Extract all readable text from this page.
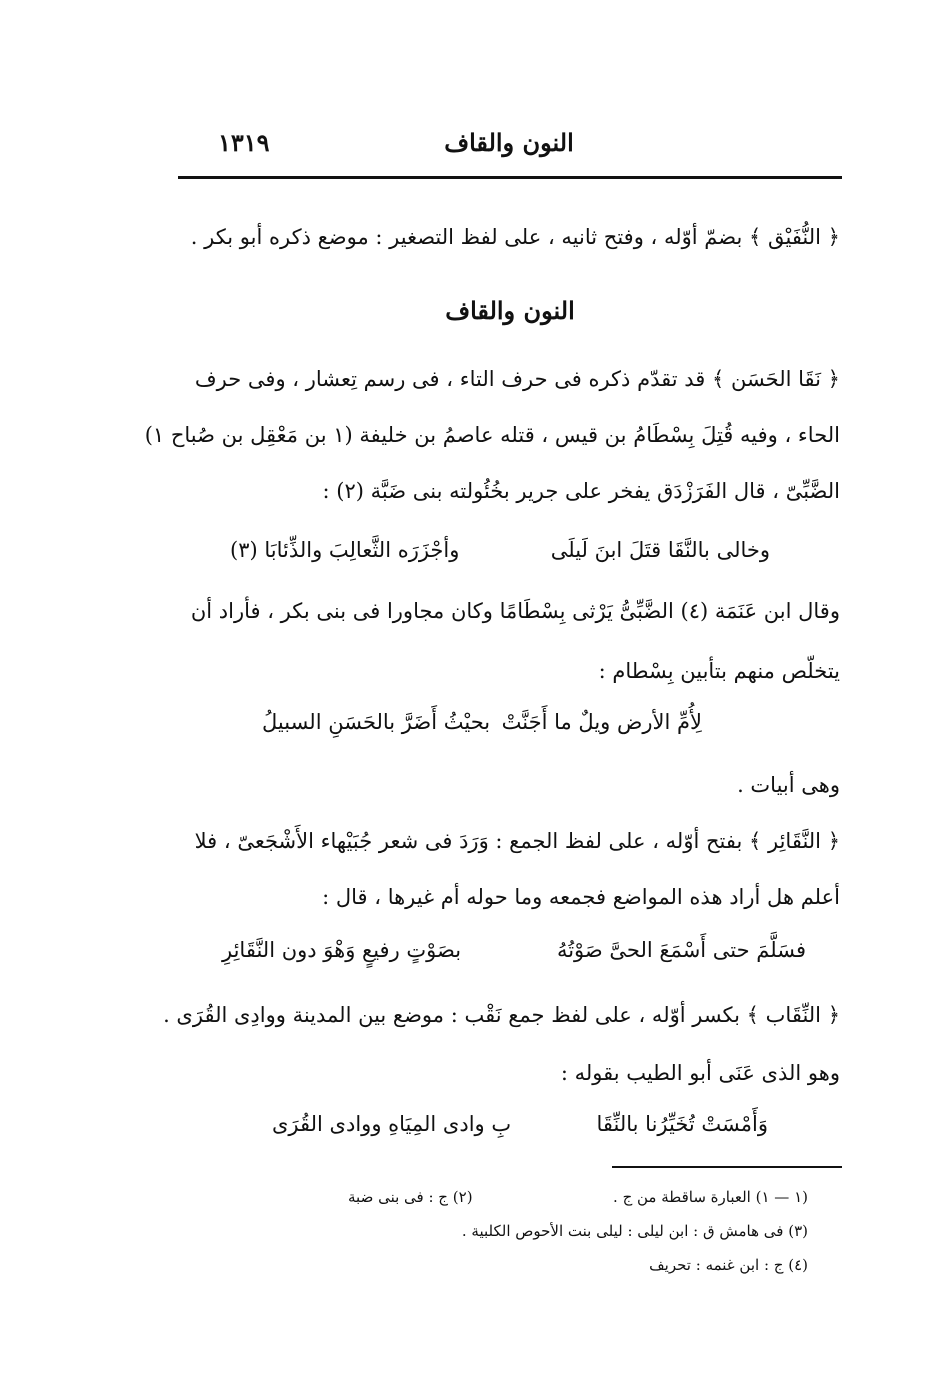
١٣١٩	النون والقاف
﴿ النُّفَيْق ﴾ بضمّ أوّله ، وفتح ثانيه ، على لفظ التصغير : موضع ذكره أبو بكر .
النون والقاف
﴿ نَقَا الحَسَن ﴾ قد تقدّم ذكره فى حرف التاء ، فى رسم تِعشار ، وفى حرف
الحاء ، وفيه قُتِلَ بِسْطَامُ بن قيس ، قتله عاصمُ بن خليفة (١ بن مَعْقِل بن صُباح ١)
الضَّبِّىّ ، قال الفَرَزْدَق يفخر على جرير بخُئُولته بنى ضَبَّة (٢) :
وخالى بالنَّقَا قتَلَ ابنَ لَيلَى
وأجْزَرَه الثَّعالِبَ والذِّئابَا (٣)
وقال ابن عَنَمَة (٤) الضَّبِّىُّ يَرْثى بِسْطَامًا وكان مجاورا فى بنى بكر ، فأراد أن
يتخلّص منهم بتأبين بِسْطام :
لِأُمِّ الأرض ويلٌ ما أَجَنَّتْ
بحيْثُ أَضَرَّ بالحَسَنِ السبيلُ
وهى أبيات .
﴿ النَّقَائِر ﴾ بفتح أوّله ، على لفظ الجمع : وَرَدَ فى شعر جُبَيْهاء الأَشْجَعىّ ، فلا
أعلم هل أراد هذه المواضع فجمعه وما حوله أم غيرها ، قال :
فسَلَّمَ حتى أَسْمَعَ الحىَّ صَوْتُهُ
بصَوْتٍ رفيعٍ وَهْوَ دون النَّقَائِرِ
﴿ النِّقَاب ﴾ بكسر أوّله ، على لفظ جمع نَقْب : موضع بين المدينة ووادِى القُرَى .
وهو الذى عَنَى أبو الطيب بقوله :
وَأَمْسَتْ تُخَيِّرُنا بالنِّقَا
بِ وادى المِيَاهِ ووادى القُرَى
(١ — ١) العبارة ساقطة من ج .
(٢) ج : فى بنى ضبة
(٣) فى هامش ق : ابن ليلى : ليلى بنت الأحوص الكلبية .
(٤) ج : ابن غنمه : تحريف
